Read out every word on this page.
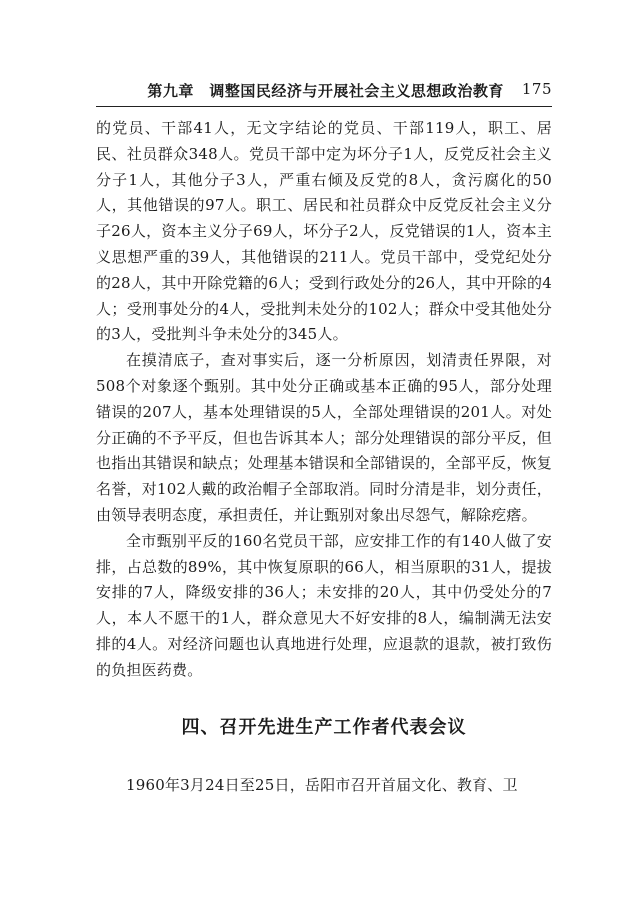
第九章　调整国民经济与开展社会主义思想政治教育 175

的党员、干部41人，无文字结论的党员、干部119人，职工、居民、社员群众348人。党员干部中定为坏分子1人，反党反社会主义分子1人，其他分子3人，严重右倾及反党的8人，贪污腐化的50人，其他错误的97人。职工、居民和社员群众中反党反社会主义分子26人，资本主义分子69人，坏分子2人，反党错误的1人，资本主义思想严重的39人，其他错误的211人。党员干部中，受党纪处分的28人，其中开除党籍的6人；受到行政处分的26人，其中开除的4人；受刑事处分的4人，受批判未处分的102人；群众中受其他处分的3人，受批判斗争未处分的345人。

在摸清底子，查对事实后，逐一分析原因，划清责任界限，对508个对象逐个甄别。其中处分正确或基本正确的95人，部分处理错误的207人，基本处理错误的5人，全部处理错误的201人。对处分正确的不予平反，但也告诉其本人；部分处理错误的部分平反，但也指出其错误和缺点；处理基本错误和全部错误的，全部平反，恢复名誉，对102人戴的政治帽子全部取消。同时分清是非，划分责任，由领导表明态度，承担责任，并让甄别对象出尽怨气，解除疙瘩。

全市甄别平反的160名党员干部，应安排工作的有140人做了安排，占总数的89%，其中恢复原职的66人，相当原职的31人，提拔安排的7人，降级安排的36人；未安排的20人，其中仍受处分的7人，本人不愿干的1人，群众意见大不好安排的8人，编制满无法安排的4人。对经济问题也认真地进行处理，应退款的退款，被打致伤的负担医药费。

四、召开先进生产工作者代表会议

1960年3月24日至25日，岳阳市召开首届文化、教育、卫
